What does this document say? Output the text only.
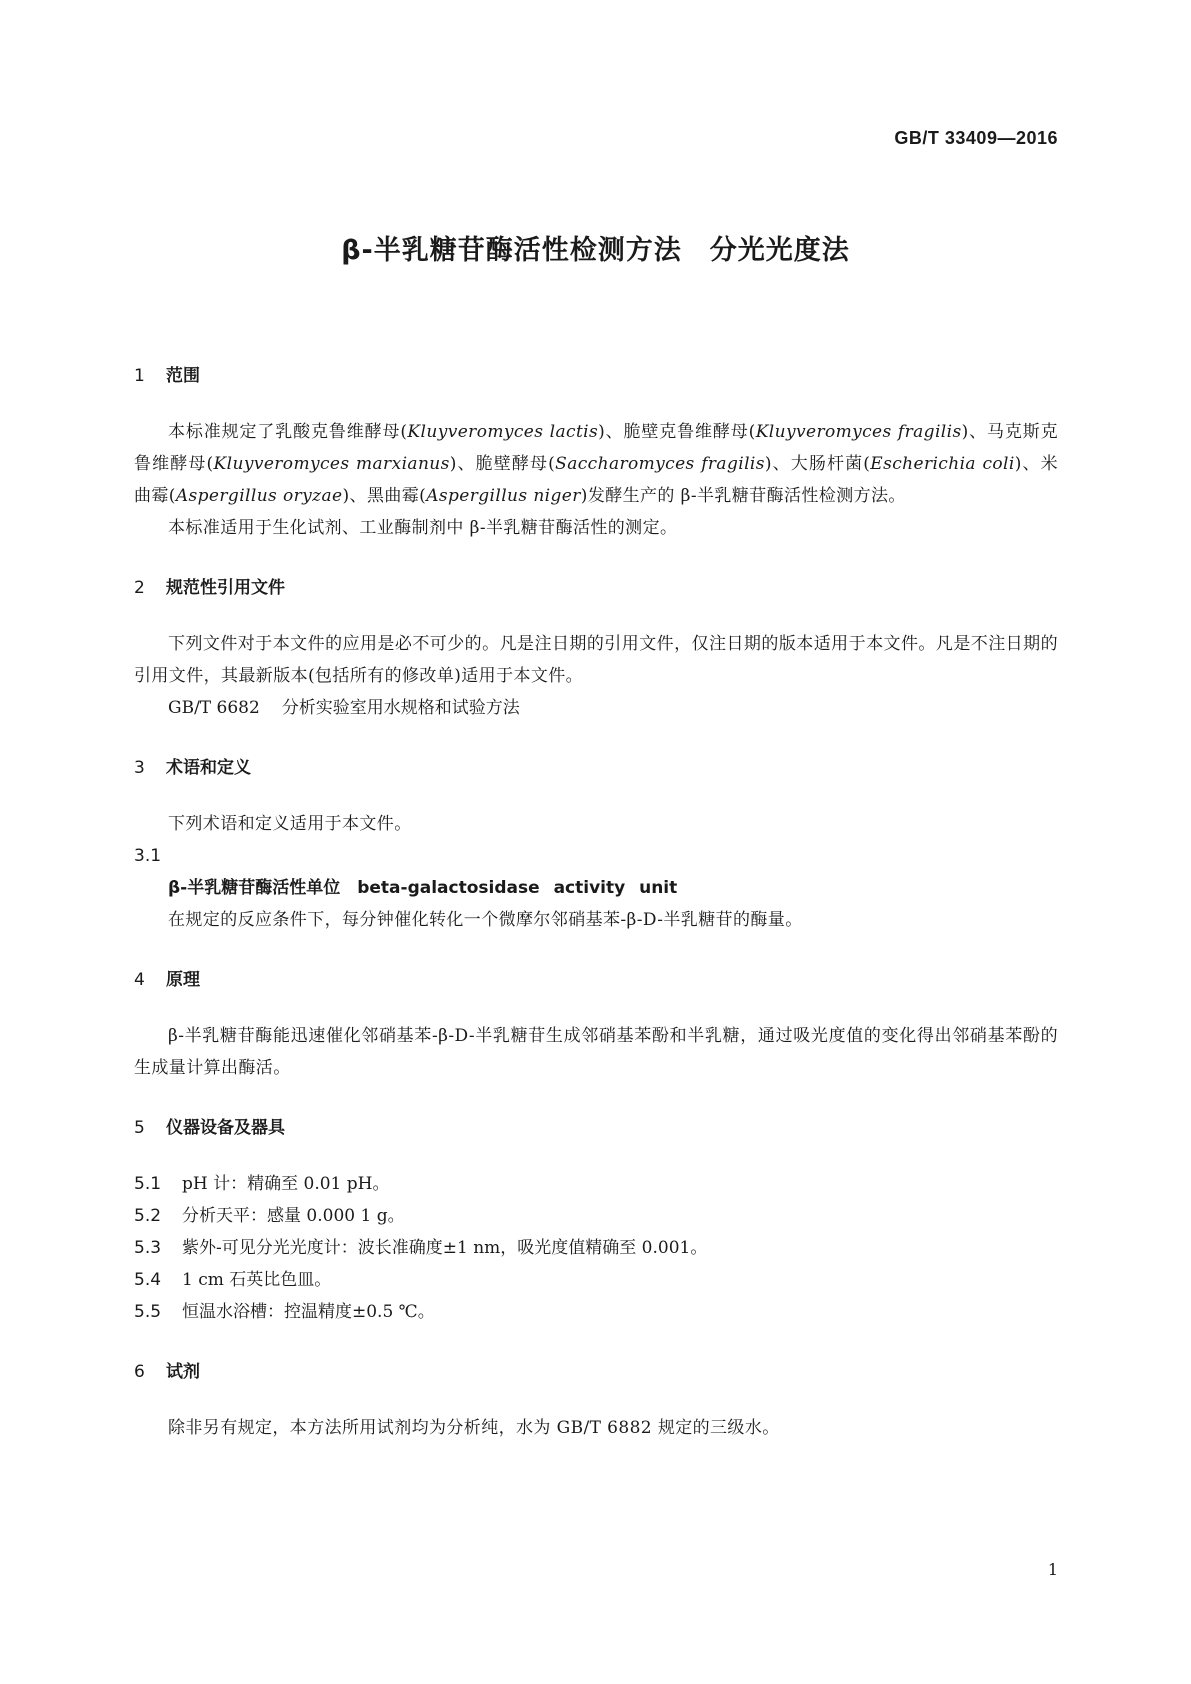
GB/T 33409—2016
β-半乳糖苷酶活性检测方法　分光光度法
1 范围

本标准规定了乳酸克鲁维酵母(Kluyveromyces lactis)、脆壁克鲁维酵母(Kluyveromyces fragilis)、马克斯克鲁维酵母(Kluyveromyces marxianus)、脆壁酵母(Saccharomyces fragilis)、大肠杆菌(Escherichia coli)、米曲霉(Aspergillus oryzae)、黑曲霉(Aspergillus niger)发酵生产的 β-半乳糖苷酶活性检测方法。

本标准适用于生化试剂、工业酶制剂中 β-半乳糖苷酶活性的测定。

2 规范性引用文件

下列文件对于本文件的应用是必不可少的。凡是注日期的引用文件，仅注日期的版本适用于本文件。凡是不注日期的引用文件，其最新版本(包括所有的修改单)适用于本文件。

GB/T 6682 分析实验室用水规格和试验方法

3 术语和定义

下列术语和定义适用于本文件。

3.1

β-半乳糖苷酶活性单位　 beta-galactosidase activity unit

在规定的反应条件下，每分钟催化转化一个微摩尔邻硝基苯-β-D-半乳糖苷的酶量。

4 原理

β-半乳糖苷酶能迅速催化邻硝基苯-β-D-半乳糖苷生成邻硝基苯酚和半乳糖，通过吸光度值的变化得出邻硝基苯酚的生成量计算出酶活。

5 仪器设备及器具

5.1	pH 计：精确至 0.01 pH。

5.2	分析天平：感量 0.000 1 g。

5.3	紫外-可见分光光度计：波长准确度±1 nm，吸光度值精确至 0.001。

5.4	1 cm 石英比色皿。

5.5	恒温水浴槽：控温精度±0.5 ℃。

6 试剂

除非另有规定，本方法所用试剂均为分析纯，水为 GB/T 6882 规定的三级水。

1
